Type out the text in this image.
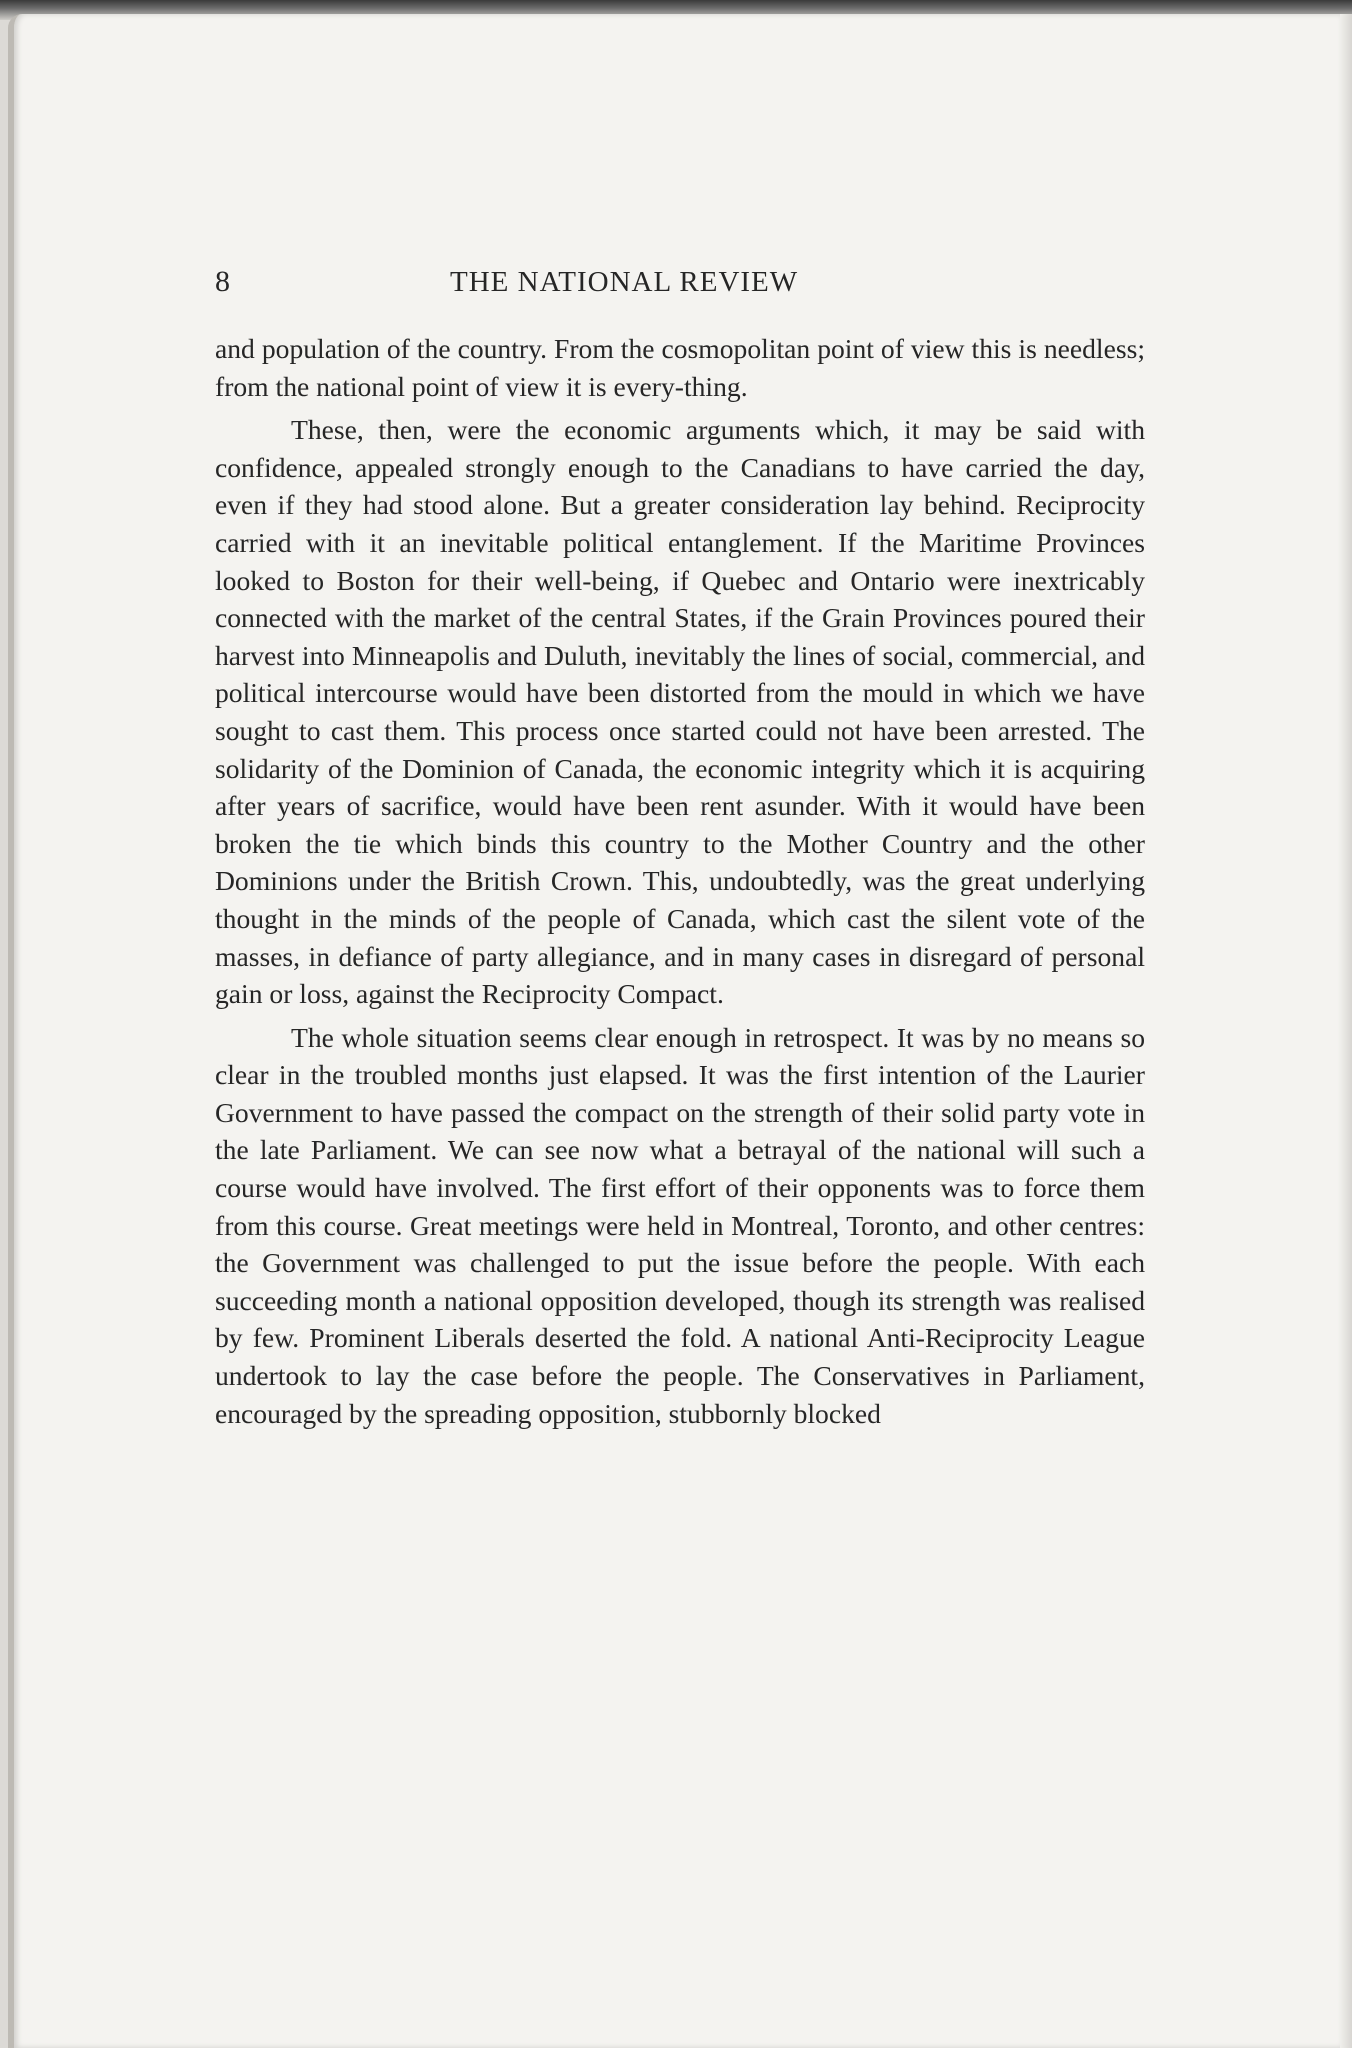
8	THE NATIONAL REVIEW

and population of the country. From the cosmopolitan point of view this is needless; from the national point of view it is every-thing.

These, then, were the economic arguments which, it may be said with confidence, appealed strongly enough to the Canadians to have carried the day, even if they had stood alone. But a greater consideration lay behind. Reciprocity carried with it an inevitable political entanglement. If the Maritime Provinces looked to Boston for their well-being, if Quebec and Ontario were inextricably connected with the market of the central States, if the Grain Provinces poured their harvest into Minneapolis and Duluth, inevitably the lines of social, commercial, and political intercourse would have been distorted from the mould in which we have sought to cast them. This process once started could not have been arrested. The solidarity of the Dominion of Canada, the economic integrity which it is acquiring after years of sacrifice, would have been rent asunder. With it would have been broken the tie which binds this country to the Mother Country and the other Dominions under the British Crown. This, undoubtedly, was the great underlying thought in the minds of the people of Canada, which cast the silent vote of the masses, in defiance of party allegiance, and in many cases in disregard of personal gain or loss, against the Reciprocity Compact.

The whole situation seems clear enough in retrospect. It was by no means so clear in the troubled months just elapsed. It was the first intention of the Laurier Government to have passed the compact on the strength of their solid party vote in the late Parliament. We can see now what a betrayal of the national will such a course would have involved. The first effort of their opponents was to force them from this course. Great meetings were held in Montreal, Toronto, and other centres: the Government was challenged to put the issue before the people. With each succeeding month a national opposition developed, though its strength was realised by few. Prominent Liberals deserted the fold. A national Anti-Reciprocity League undertook to lay the case before the people. The Conservatives in Parliament, encouraged by the spreading opposition, stubbornly blocked
